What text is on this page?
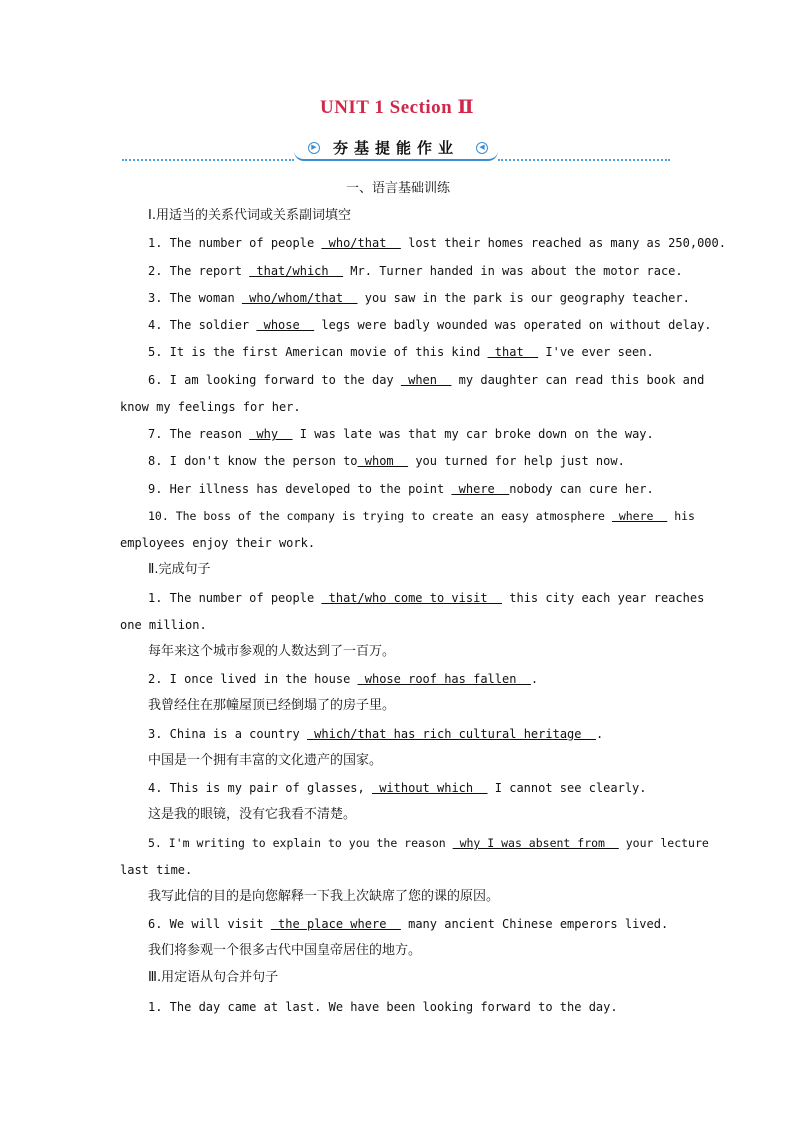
UNIT 1 Section Ⅱ
▶	夯基提能作业	◀
一、语言基础训练
Ⅰ.用适当的关系代词或关系副词填空
1. The number of people  who/that   lost their homes reached as many as 250,000.
2. The report  that/which   Mr. Turner handed in was about the motor race.
3. The woman  who/whom/that   you saw in the park is our geography teacher.
4. The soldier  whose   legs were badly wounded was operated on without delay.
5. It is the first American movie of this kind  that   I've ever seen.
6. I am looking forward to the day  when   my daughter can read this book and
know my feelings for her.
7. The reason  why   I was late was that my car broke down on the way.
8. I don't know the person to whom   you turned for help just now.
9. Her illness has developed to the point  where  nobody can cure her.
10. The boss of the company is trying to create an easy atmosphere  where   his
employees enjoy their work.
Ⅱ.完成句子
1. The number of people  that/who come to visit   this city each year reaches
one million.
每年来这个城市参观的人数达到了一百万。
2. I once lived in the house  whose roof has fallen  .
我曾经住在那幢屋顶已经倒塌了的房子里。
3. China is a country  which/that has rich cultural heritage  .
中国是一个拥有丰富的文化遗产的国家。
4. This is my pair of glasses,  without which   I cannot see clearly.
这是我的眼镜，没有它我看不清楚。
5. I'm writing to explain to you the reason  why I was absent from   your lecture
last time.
我写此信的目的是向您解释一下我上次缺席了您的课的原因。
6. We will visit  the place where   many ancient Chinese emperors lived.
我们将参观一个很多古代中国皇帝居住的地方。
Ⅲ.用定语从句合并句子
1. The day came at last. We have been looking forward to the day.
